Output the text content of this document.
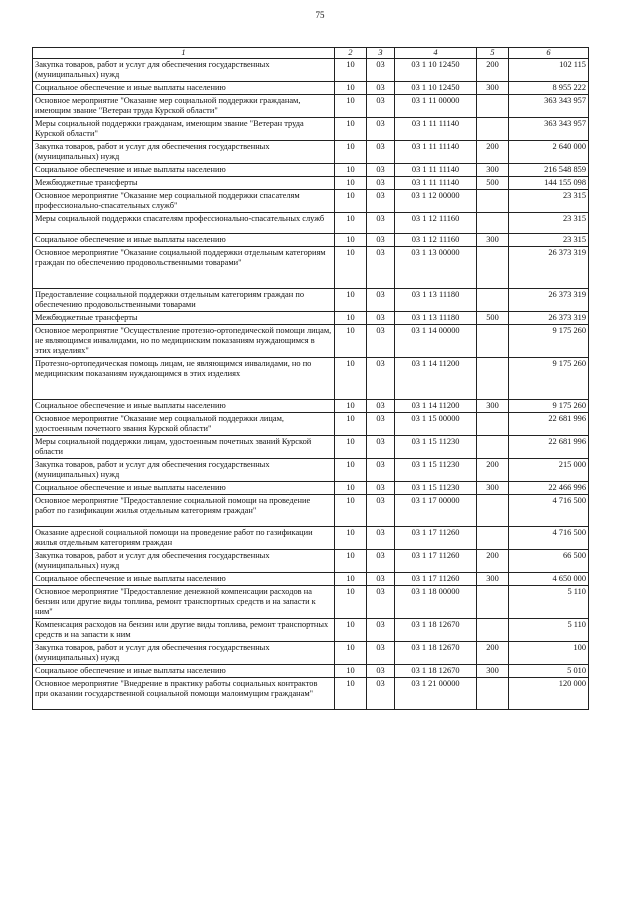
75
1	2	3	4	5	6
Закупка товаров, работ и услуг для обеспечения государственных (муниципальных) нужд	10	03	03 1 10 12450	200	102 115
Социальное обеспечение и иные выплаты населению	10	03	03 1 10 12450	300	8 955 222
Основное мероприятие "Оказание мер социальной поддержки гражданам, имеющим звание "Ветеран труда Курской области"	10	03	03 1 11 00000		363 343 957
Меры социальной поддержки гражданам, имеющим звание "Ветеран труда Курской области"	10	03	03 1 11 11140		363 343 957
Закупка товаров, работ и услуг для обеспечения государственных (муниципальных) нужд	10	03	03 1 11 11140	200	2 640 000
Социальное обеспечение и иные выплаты населению	10	03	03 1 11 11140	300	216 548 859
Межбюджетные трансферты	10	03	03 1 11 11140	500	144 155 098
Основное мероприятие "Оказание мер социальной поддержки спасателям профессионально-спасательных служб"	10	03	03 1 12 00000		23 315
Меры социальной поддержки спасателям профессионально-спасательных служб	10	03	03 1 12 11160		23 315
Социальное обеспечение и иные выплаты населению	10	03	03 1 12 11160	300	23 315
Основное мероприятие "Оказание социальной поддержки отдельным категориям граждан по обеспечению продовольственными товарами"	10	03	03 1 13 00000		26 373 319
Предоставление социальной поддержки отдельным категориям граждан по обеспечению продовольственными товарами	10	03	03 1 13 11180		26 373 319
Межбюджетные трансферты	10	03	03 1 13 11180	500	26 373 319
Основное мероприятие "Осуществление протезно-ортопедической помощи лицам, не являющимся инвалидами, но по медицинским показаниям нуждающимся в этих изделиях"	10	03	03 1 14 00000		9 175 260
Протезно-ортопедическая помощь лицам, не являющимся инвалидами, но по медицинским показаниям нуждающимся в этих изделиях	10	03	03 1 14 11200		9 175 260
Социальное обеспечение и иные выплаты населению	10	03	03 1 14 11200	300	9 175 260
Основное мероприятие "Оказание мер социальной поддержки лицам, удостоенным почетного звания Курской области"	10	03	03 1 15 00000		22 681 996
Меры социальной поддержки лицам, удостоенным почетных званий Курской области	10	03	03 1 15 11230		22 681 996
Закупка товаров, работ и услуг для обеспечения государственных (муниципальных) нужд	10	03	03 1 15 11230	200	215 000
Социальное обеспечение и иные выплаты населению	10	03	03 1 15 11230	300	22 466 996
Основное мероприятие "Предоставление социальной помощи на проведение работ по газификации жилья отдельным категориям граждан"	10	03	03 1 17 00000		4 716 500
Оказание адресной социальной помощи на проведение работ по газификации жилья отдельным категориям граждан	10	03	03 1 17 11260		4 716 500
Закупка товаров, работ и услуг для обеспечения государственных (муниципальных) нужд	10	03	03 1 17 11260	200	66 500
Социальное обеспечение и иные выплаты населению	10	03	03 1 17 11260	300	4 650 000
Основное мероприятие "Предоставление денежной компенсации расходов на бензин или другие виды топлива, ремонт транспортных средств и на запасти к ним"	10	03	03 1 18 00000		5 110
Компенсация расходов на бензин или другие виды топлива, ремонт транспортных средств и на запасти к ним	10	03	03 1 18 12670		5 110
Закупка товаров, работ и услуг для обеспечения государственных (муниципальных) нужд	10	03	03 1 18 12670	200	100
Социальное обеспечение и иные выплаты населению	10	03	03 1 18 12670	300	5 010
Основное мероприятие "Внедрение в практику работы социальных контрактов при оказании государственной социальной помощи малоимущим гражданам"	10	03	03 1 21 00000		120 000
